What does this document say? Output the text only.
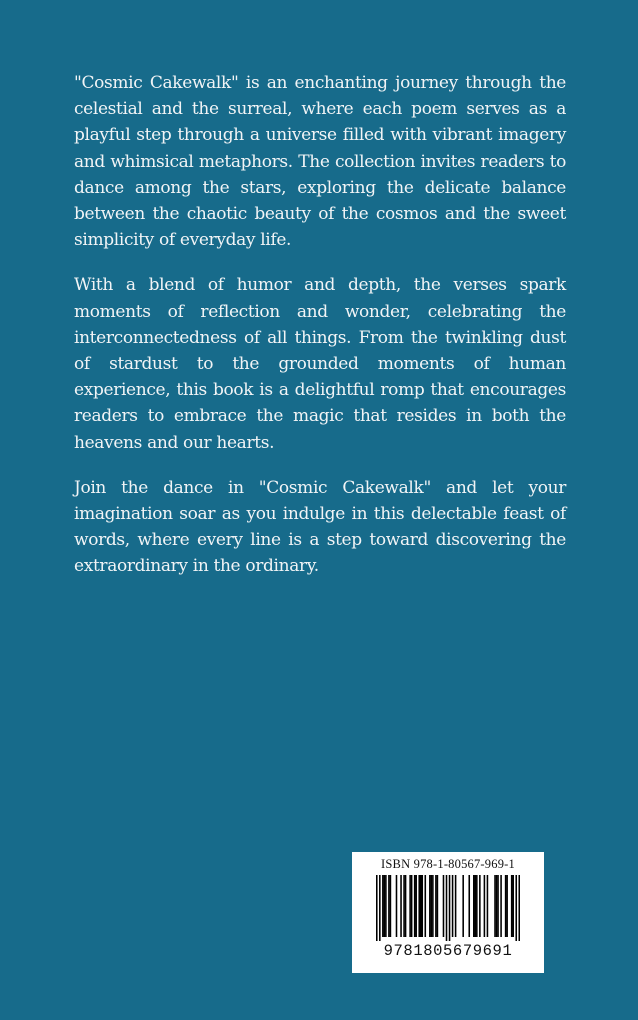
"Cosmic Cakewalk" is an enchanting journey through the celestial and the surreal, where each poem serves as a playful step through a universe filled with vibrant imagery and whimsical metaphors. The collection invites readers to dance among the stars, exploring the delicate balance between the chaotic beauty of the cosmos and the sweet simplicity of everyday life.

With a blend of humor and depth, the verses spark moments of reflection and wonder, celebrating the interconnectedness of all things. From the twinkling dust of stardust to the grounded moments of human experience, this book is a delightful romp that encourages readers to embrace the magic that resides in both the heavens and our hearts.

Join the dance in "Cosmic Cakewalk" and let your imagination soar as you indulge in this delectable feast of words, where every line is a step toward discovering the extraordinary in the ordinary.

ISBN 978-1-80567-969-1
9781805679691
